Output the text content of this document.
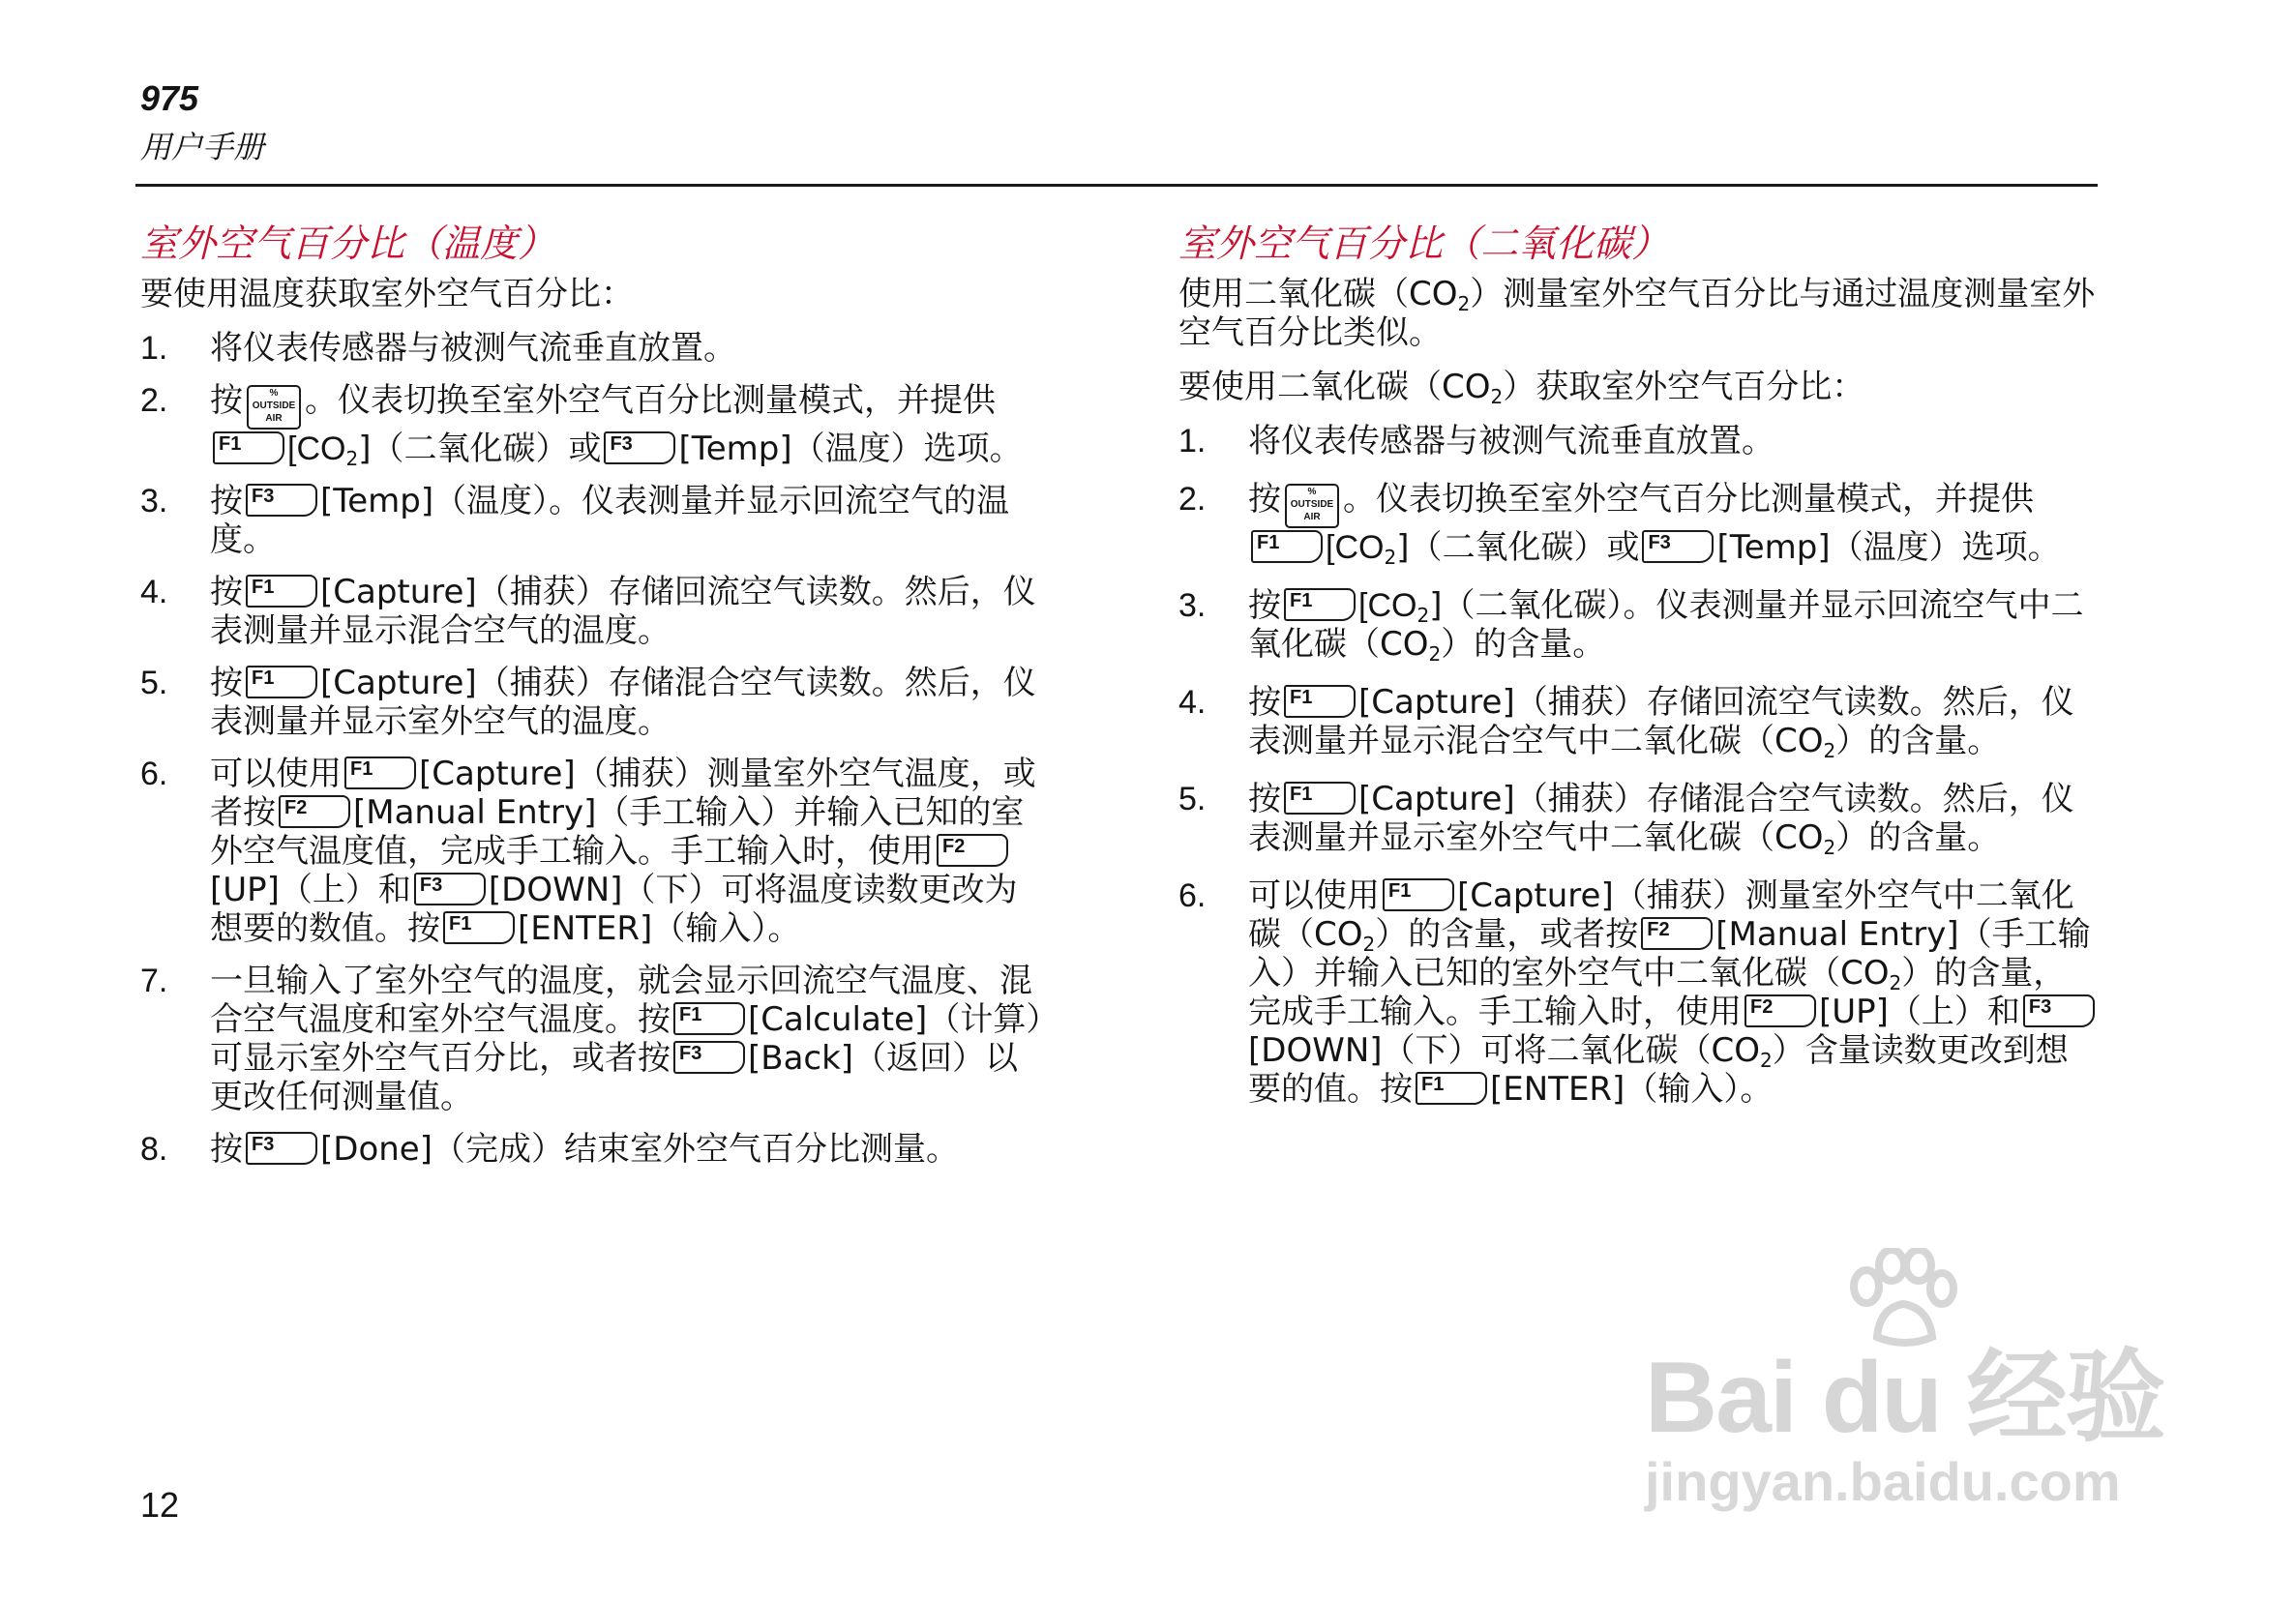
975
用户手册
室外空气百分比（温度）

要使用温度获取室外空气百分比：

1. 将仪表传感器与被测气流垂直放置。
2. 按	%
OUTSIDE
AIR 。仪表切换至室外空气百分比测量模式，并提供
F1 $[CO_2]$（二氧化碳）或 F3 [Temp]（温度）选项。
3. 按 F3 [Temp]（温度）。仪表测量并显示回流空气的温度。
4. 按 F1 [Capture]（捕获）存储回流空气读数。然后，仪表测量并显示混合空气的温度。
5. 按 F1 [Capture]（捕获）存储混合空气读数。然后，仪表测量并显示室外空气的温度。
6. 可以使用 F1 [Capture]（捕获）测量室外空气温度，或者按 F2 [Manual Entry]（手工输入）并输入已知的室外空气温度值，完成手工输入。手工输入时，使用 F2
[UP]（上）和 F3 [DOWN]（下）可将温度读数更改为想要的数值。按 F1 [ENTER]（输入）。
7. 一旦输入了室外空气的温度，就会显示回流空气温度、混合空气温度和室外空气温度。按 F1 [Calculate]（计算）可显示室外空气百分比，或者按 F3 [Back]（返回）以更改任何测量值。
8. 按 F3 [Done]（完成）结束室外空气百分比测量。
室外空气百分比（二氧化碳）

使用二氧化碳$(CO_2)$测量室外空气百分比与通过温度测量室外空气百分比类似。

要使用二氧化碳$(CO_2)$获取室外空气百分比：

1. 将仪表传感器与被测气流垂直放置。
2. 按	%
OUTSIDE
AIR 。仪表切换至室外空气百分比测量模式，并提供
F1 $[CO_2]$（二氧化碳）或 F3 [Temp]（温度）选项。
3. 按 F1 $[CO_2]$（二氧化碳）。仪表测量并显示回流空气中二氧化碳$(CO_2)$的含量。
4. 按 F1 [Capture]（捕获）存储回流空气读数。然后，仪表测量并显示混合空气中二氧化碳$(CO_2)$的含量。
5. 按 F1 [Capture]（捕获）存储混合空气读数。然后，仪表测量并显示室外空气中二氧化碳$(CO_2)$的含量。
6. 可以使用 F1 [Capture]（捕获）测量室外空气中二氧化碳$(CO_2)$的含量，或者按 F2 [Manual Entry]（手工输入）并输入已知的室外空气中二氧化碳$(CO_2)$的含量，完成手工输入。手工输入时，使用 F2 [UP]（上）和 F3
[DOWN]（下）可将二氧化碳$(CO_2)$含量读数更改到想要的值。按 F1 [ENTER]（输入）。
12
Bai du 经验
jingyan.baidu.com
